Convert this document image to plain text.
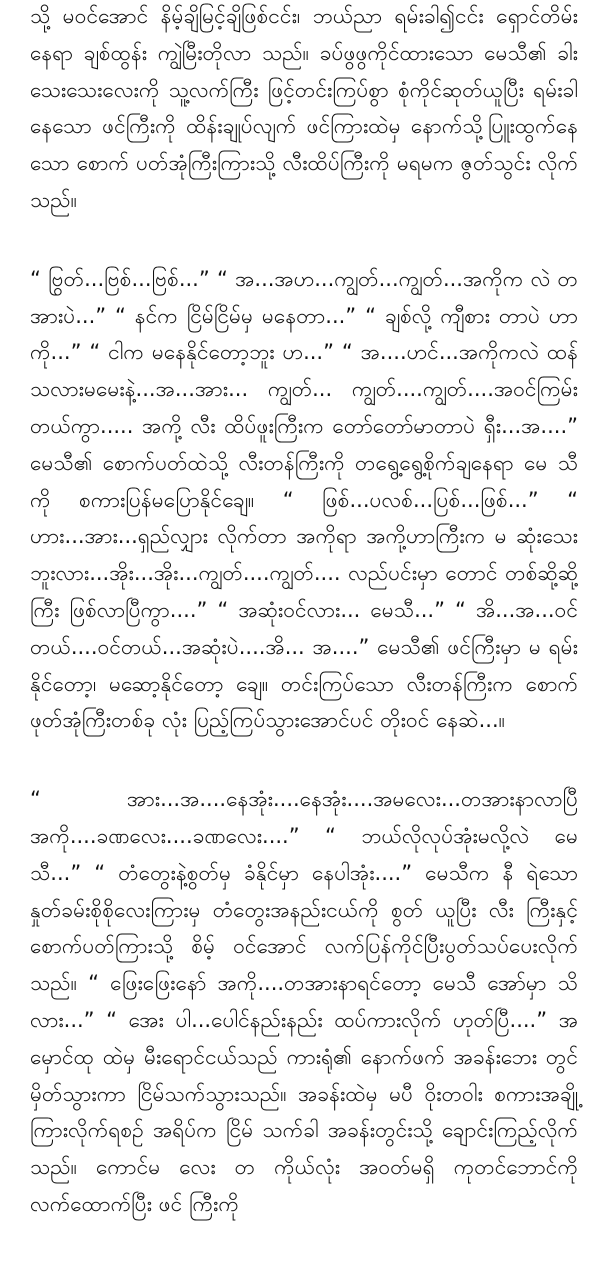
သို့ မဝင်အောင် နိမ့်ချိမြင့်ချိဖြစ်ငင်း၊ ဘယ်ညာ ရမ်းခါ၍ငင်း ရှောင်တိမ်းနေရာ ချစ်ထွန်း ကျွဲမြီးတိုလာ သည်။ ခပ်ဖွဖွကိုင်ထားသော မေသီ၏ ခါးသေးသေးလေးကို သူ့လက်ကြီး ဖြင့်တင်းကြပ်စွာ စုံကိုင်ဆုတ်ယူပြီး ရမ်းခါနေသော ဖင်ကြီးကို ထိန်းချုပ်လျက် ဖင်ကြားထဲမှ နောက်သို့ပြူးထွက်နေသော စောက် ပတ်အုံကြီးကြားသို့ လီးထိပ်ကြီးကို မရမက ဇွတ်သွင်း လိုက်သည်။

“ ဗြွတ်...ဗြစ်...ဗြစ်...” “ အ...အဟ...ကျွတ်...ကျွတ်...အကိုက လဲ တအားပဲ...” “ နင်က ငြိမ်ငြိမ်မှ မနေတာ...” “ ချစ်လို့ ကျီစား တာပဲ ဟာကို...” “ ငါက မနေနိုင်တော့ဘူး ဟ...” “ အ....ဟင်...အကိုကလဲ ထန်သလားမမေးနဲ့...အ...အား... ကျွတ်... ကျွတ်....ကျွတ်....အဝင်ကြမ်းတယ်ကွာ..... အကို့ လီး ထိပ်ဖူးကြီးက တော်တော်မာတာပဲ ရှီး...အ....” မေသီ၏ စောက်ပတ်ထဲသို့ လီးတန်ကြီးကို တရွေ့ရွေ့စိုက်ချနေရာ မေ သီကို စကားပြန်မပြောနိုင်ချေ။ “ ဖြစ်...ပလစ်...ပြစ်...ဖြစ်...” “ ဟား...အား...ရှည်လျှား လိုက်တာ အကိုရာ အကို့ဟာကြီးက မ ဆုံးသေးဘူးလား...အိုး...အိုး...ကျွတ်....ကျွတ်.... လည်ပင်းမှာ တောင် တစ်ဆို့ဆို့ကြီး ဖြစ်လာပြီကွာ....” “ အဆုံးဝင်လား... မေသီ...” “ အိ...အ...ဝင်တယ်....ဝင်တယ်...အဆုံးပဲ....အိ... အ....” မေသီ၏ ဖင်ကြီးမှာ မ ရမ်းနိုင်တော့၊ မဆော့နိုင်တော့ ချေ။ တင်းကြပ်သော လီးတန်ကြီးက စောက်ဖုတ်အုံကြီးတစ်ခု လုံး ပြည့်ကြပ်သွားအောင်ပင် တိုးဝင် နေဆဲ...။

“ အား...အ....နေအုံး....နေအုံး....အမလေး...တအားနာလာပြီ အကို....ခဏလေး....ခဏလေး....” “ ဘယ်လိုလုပ်အုံးမလို့လဲ မေ သီ...” “ တံတွေးနဲ့စွတ်မှ ခံနိုင်မှာ နေပါအုံး....” မေသီက နီ ရဲသော နှုတ်ခမ်းစိုစိုလေးကြားမှ တံတွေးအနည်းငယ်ကို စွတ် ယူပြီး လီး ကြီးနှင့် စောက်ပတ်ကြားသို့ စိမ့် ဝင်အောင် လက်ပြန်ကိုင်ပြီးပွတ်သပ်ပေးလိုက်သည်။ “ ဖြေးဖြေးနော် အကို....တအားနာရင်တော့ မေသီ အော်မှာ သိလား...” “ အေး ပါ...ပေါင်နည်းနည်း ထပ်ကားလိုက် ဟုတ်ပြီ....” အမှောင်ထု ထဲမှ မီးရောင်ငယ်သည် ကားရုံ၏ နောက်ဖက် အခန်းဘေး တွင် မှိတ်သွားကာ ငြိမ်သက်သွားသည်။ အခန်းထဲမှ မပီ ဝိုးတဝါး စကားအချို့ကြားလိုက်ရစဉ် အရိပ်က ငြိမ် သက်ခါ အခန်းတွင်းသို့ ချောင်းကြည့်လိုက်သည်။ ကောင်မ လေး တ ကိုယ်လုံး အဝတ်မရှိ ကုတင်ဘောင်ကို လက်ထောက်ပြီး ဖင် ကြီးကို
